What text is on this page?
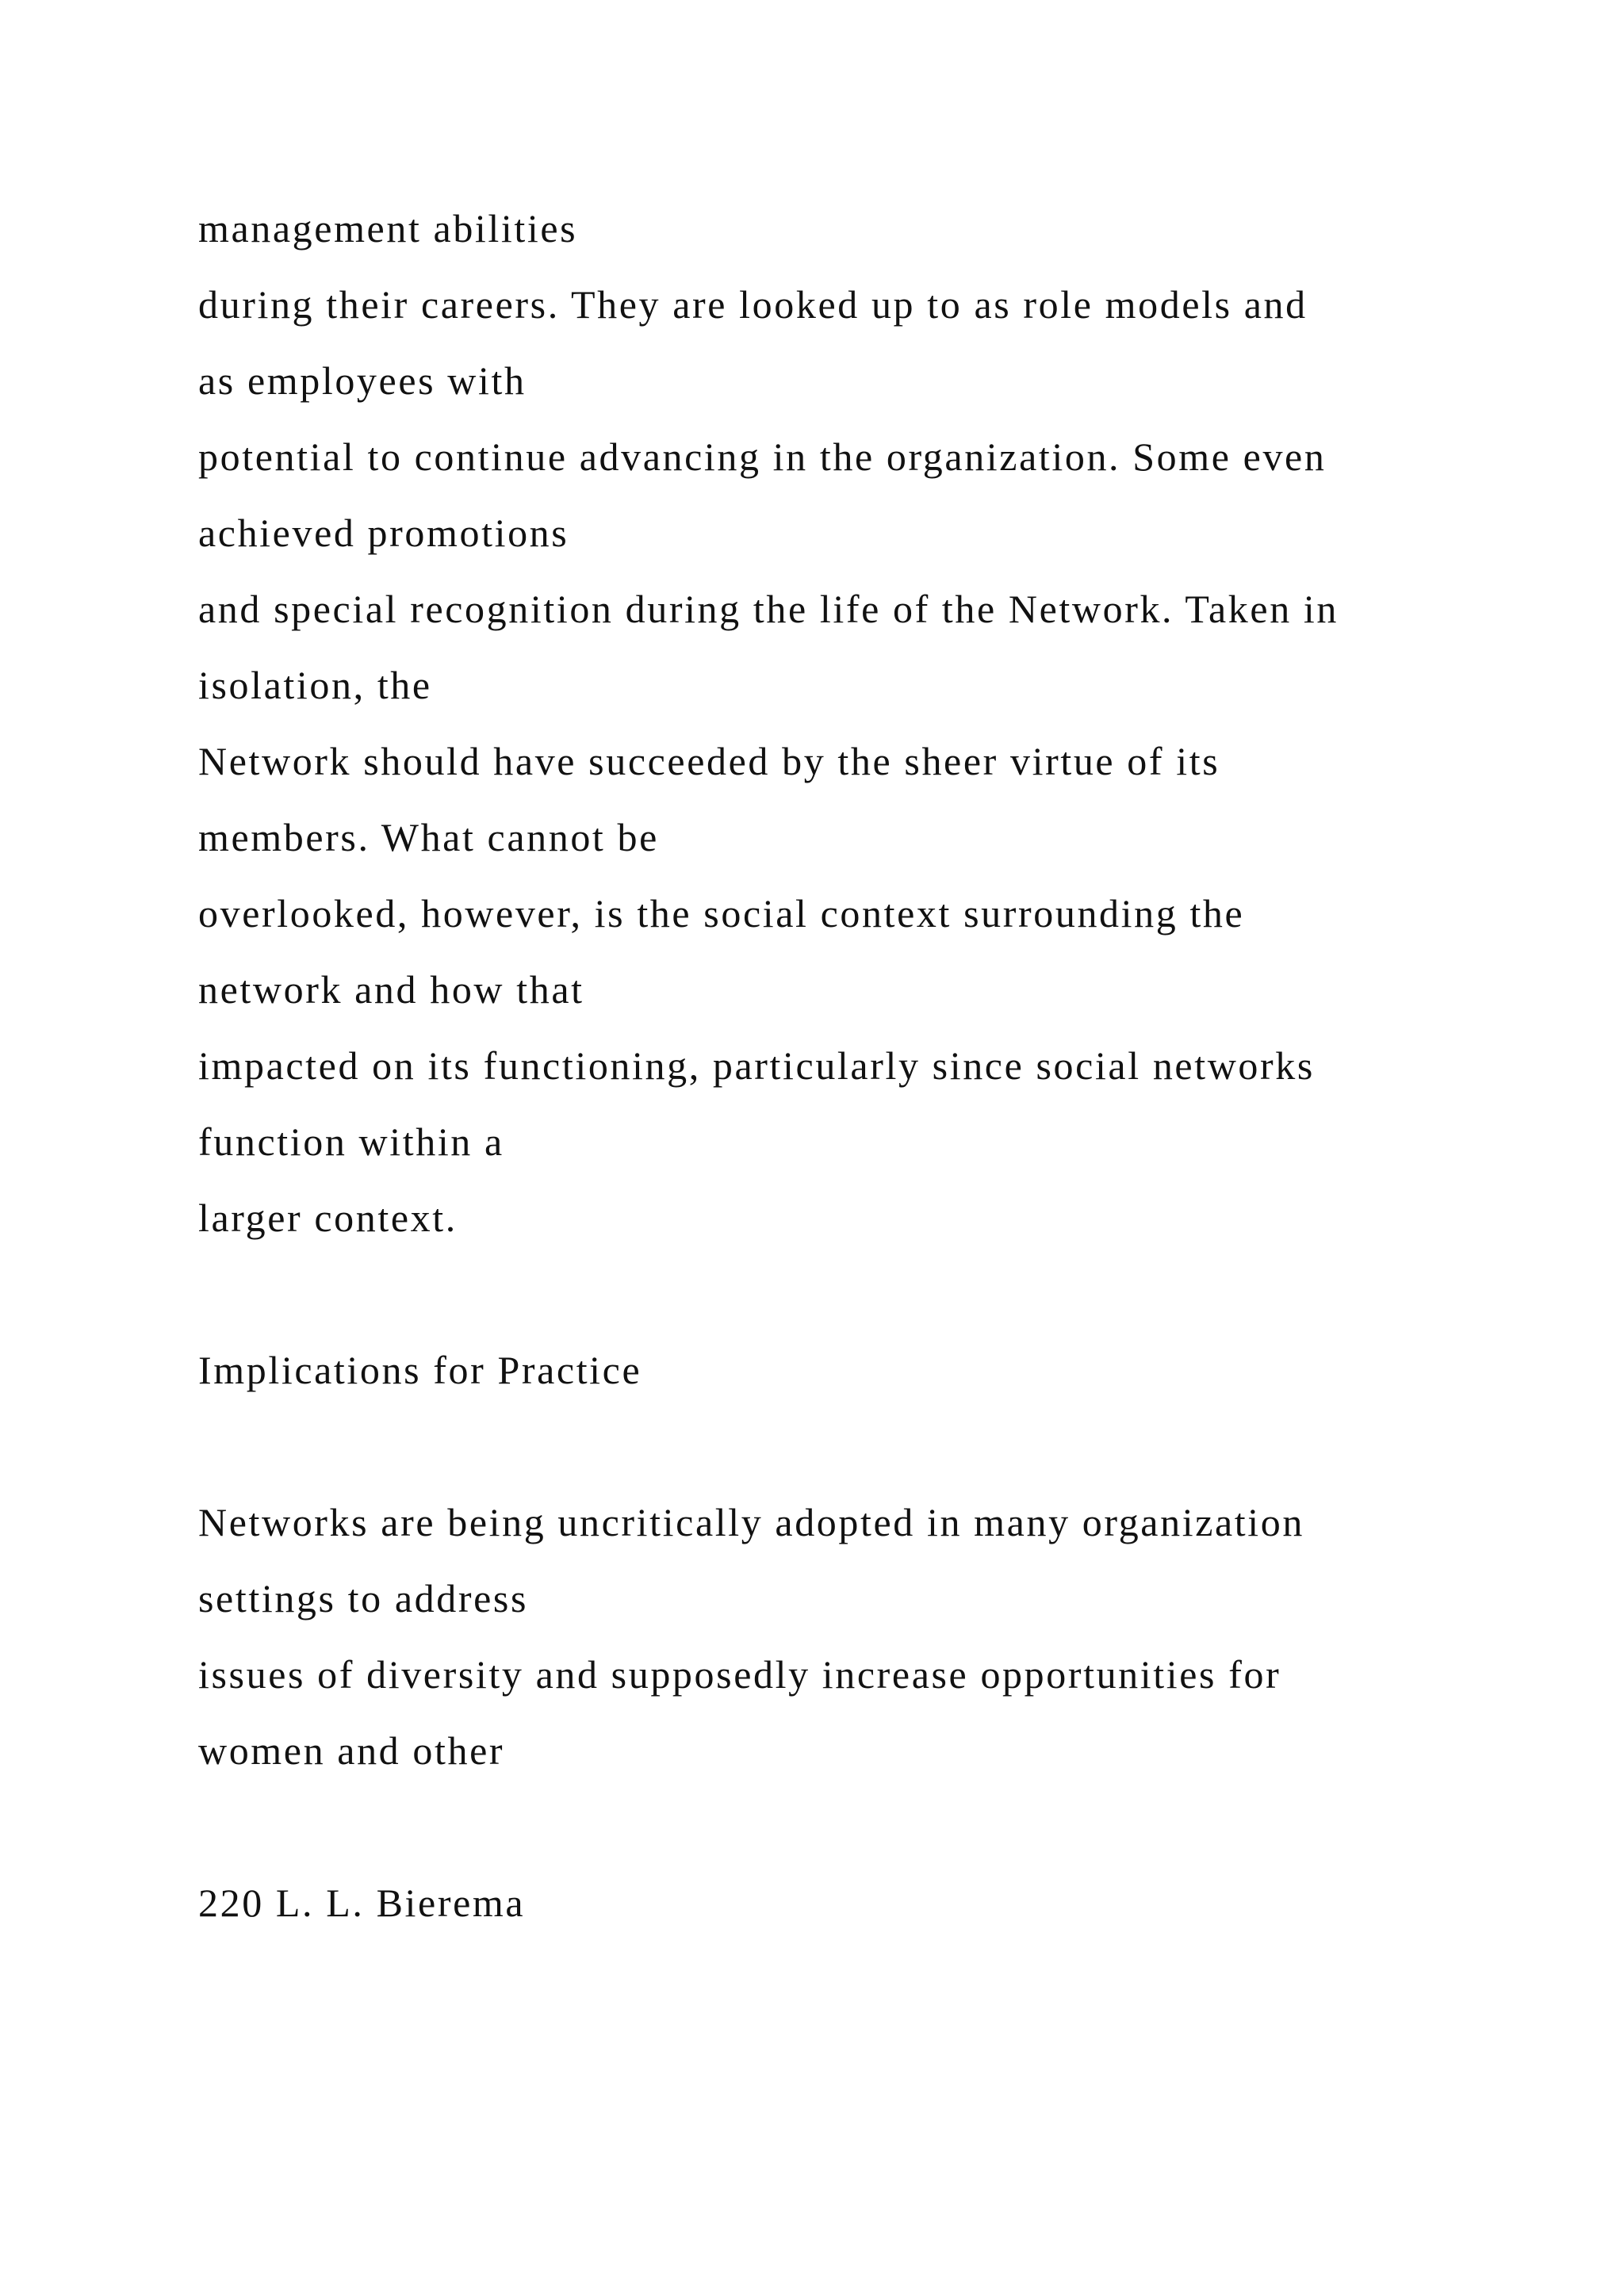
management abilities
during their careers. They are looked up to as role models and
as employees with
potential to continue advancing in the organization. Some even
achieved promotions
and special recognition during the life of the Network. Taken in
isolation, the
Network should have succeeded by the sheer virtue of its
members. What cannot be
overlooked, however, is the social context surrounding the
network and how that
impacted on its functioning, particularly since social networks
function within a
larger context.
Implications for Practice
Networks are being uncritically adopted in many organization
settings to address
issues of diversity and supposedly increase opportunities for
women and other
220 L. L. Bierema
